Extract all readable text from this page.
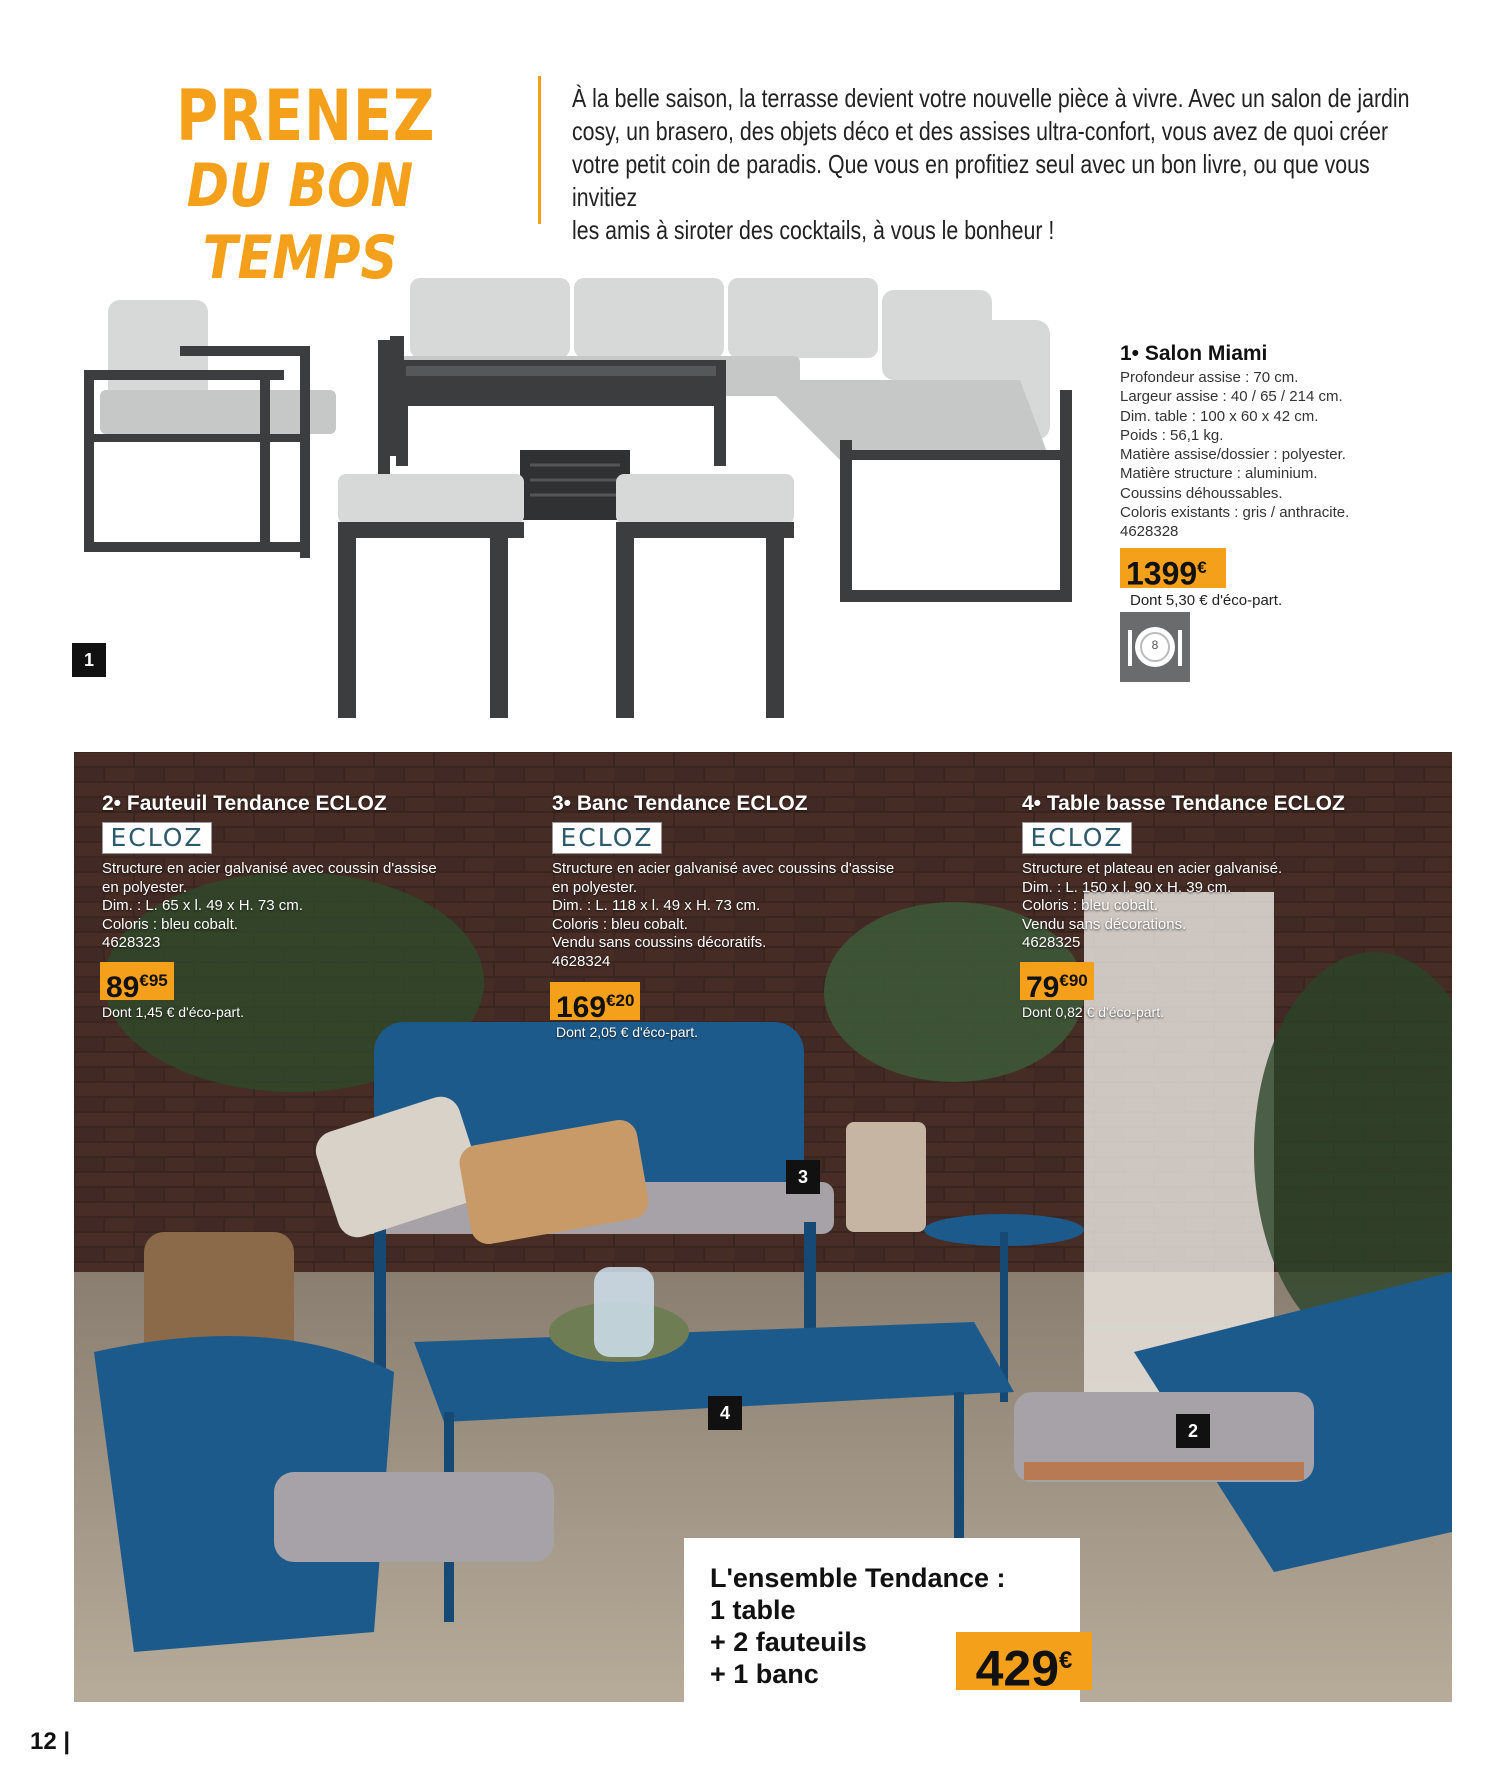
PRENEZ
DU BON TEMPS
À la belle saison, la terrasse devient votre nouvelle pièce à vivre. Avec un salon de jardin
cosy, un brasero, des objets déco et des assises ultra-confort, vous avez de quoi créer
votre petit coin de paradis. Que vous en profitiez seul avec un bon livre, ou que vous invitiez
les amis à siroter des cocktails, à vous le bonheur !
1
1• Salon Miami
Profondeur assise : 70 cm.
Largeur assise : 40 / 65 / 214 cm.
Dim. table : 100 x 60 x 42 cm.
Poids : 56,1 kg.
Matière assise/dossier : polyester.
Matière structure : aluminium.
Coussins déhoussables.
Coloris existants : gris / anthracite.
4628328
1399€
Dont 5,30 € d'éco-part.
8
2• Fauteuil Tendance ECLOZ
ECLOZ
Structure en acier galvanisé avec coussin d'assise
en polyester.
Dim. : L. 65 x l. 49 x H. 73 cm.
Coloris : bleu cobalt.
4628323
$89^{€95}$
Dont 1,45 € d'éco-part.
3• Banc Tendance ECLOZ
ECLOZ
Structure en acier galvanisé avec coussins d'assise
en polyester.
Dim. : L. 118 x l. 49 x H. 73 cm.
Coloris : bleu cobalt.
Vendu sans coussins décoratifs.
4628324
$169^{€20}$
Dont 2,05 € d'éco-part.
4• Table basse Tendance ECLOZ
ECLOZ
Structure et plateau en acier galvanisé.
Dim. : L. 150 x l. 90 x H. 39 cm.
Coloris : bleu cobalt.
Vendu sans décorations.
4628325
$79^{€90}$
Dont 0,82 € d'éco-part.
3
4
2
L'ensemble Tendance :
1 table
+ 2 fauteuils
+ 1 banc	429€
12 |
